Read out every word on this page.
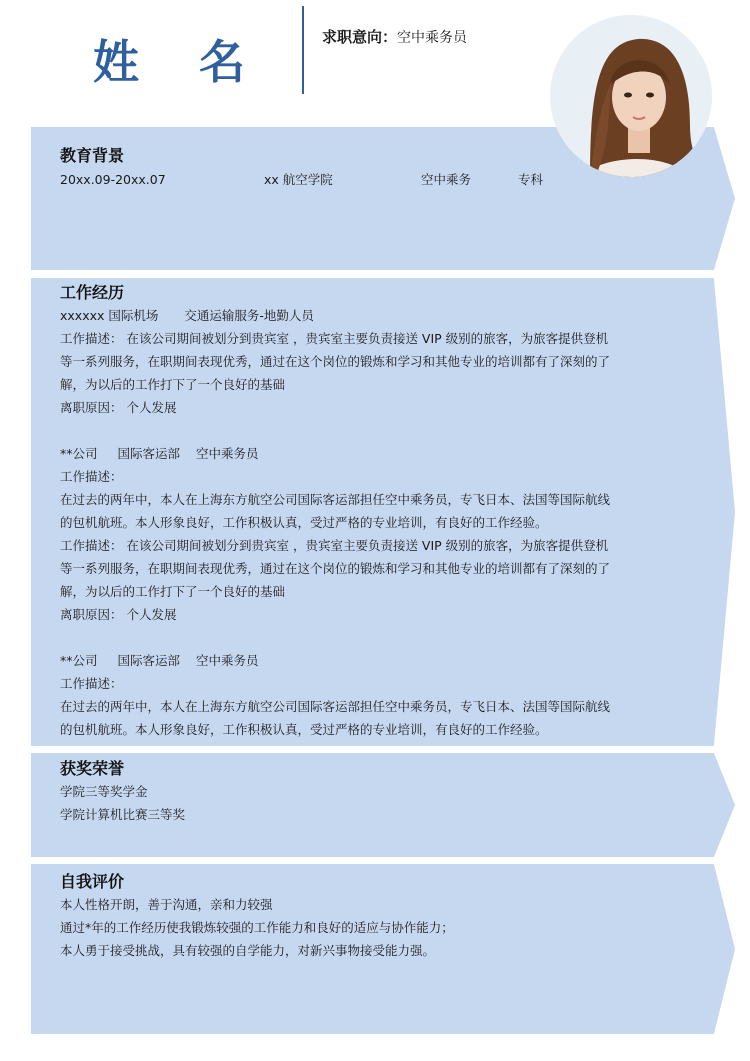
姓 名	求职意向：空中乘务员
教育背景
20xx.09-20xx.07	xx 航空学院	空中乘务	专科
工作经历
xxxxxx 国际机场 交通运输服务-地勤人员
工作描述： 在该公司期间被划分到贵宾室 ，贵宾室主要负责接送 VIP 级别的旅客，为旅客提供登机
等一系列服务，在职期间表现优秀，通过在这个岗位的锻炼和学习和其他专业的培训都有了深刻的了
解，为以后的工作打下了一个良好的基础
离职原因： 个人发展
**公司 国际客运部 空中乘务员
工作描述：
在过去的两年中，本人在上海东方航空公司国际客运部担任空中乘务员，专飞日本、法国等国际航线
的包机航班。本人形象良好，工作积极认真，受过严格的专业培训，有良好的工作经验。
工作描述： 在该公司期间被划分到贵宾室 ，贵宾室主要负责接送 VIP 级别的旅客，为旅客提供登机
等一系列服务，在职期间表现优秀，通过在这个岗位的锻炼和学习和其他专业的培训都有了深刻的了
解，为以后的工作打下了一个良好的基础
离职原因： 个人发展
**公司 国际客运部 空中乘务员
工作描述：
在过去的两年中，本人在上海东方航空公司国际客运部担任空中乘务员，专飞日本、法国等国际航线
的包机航班。本人形象良好，工作积极认真，受过严格的专业培训，有良好的工作经验。
获奖荣誉
学院三等奖学金
学院计算机比赛三等奖
自我评价
本人性格开朗，善于沟通，亲和力较强
通过*年的工作经历使我锻炼较强的工作能力和良好的适应与协作能力；
本人勇于接受挑战，具有较强的自学能力，对新兴事物接受能力强。
